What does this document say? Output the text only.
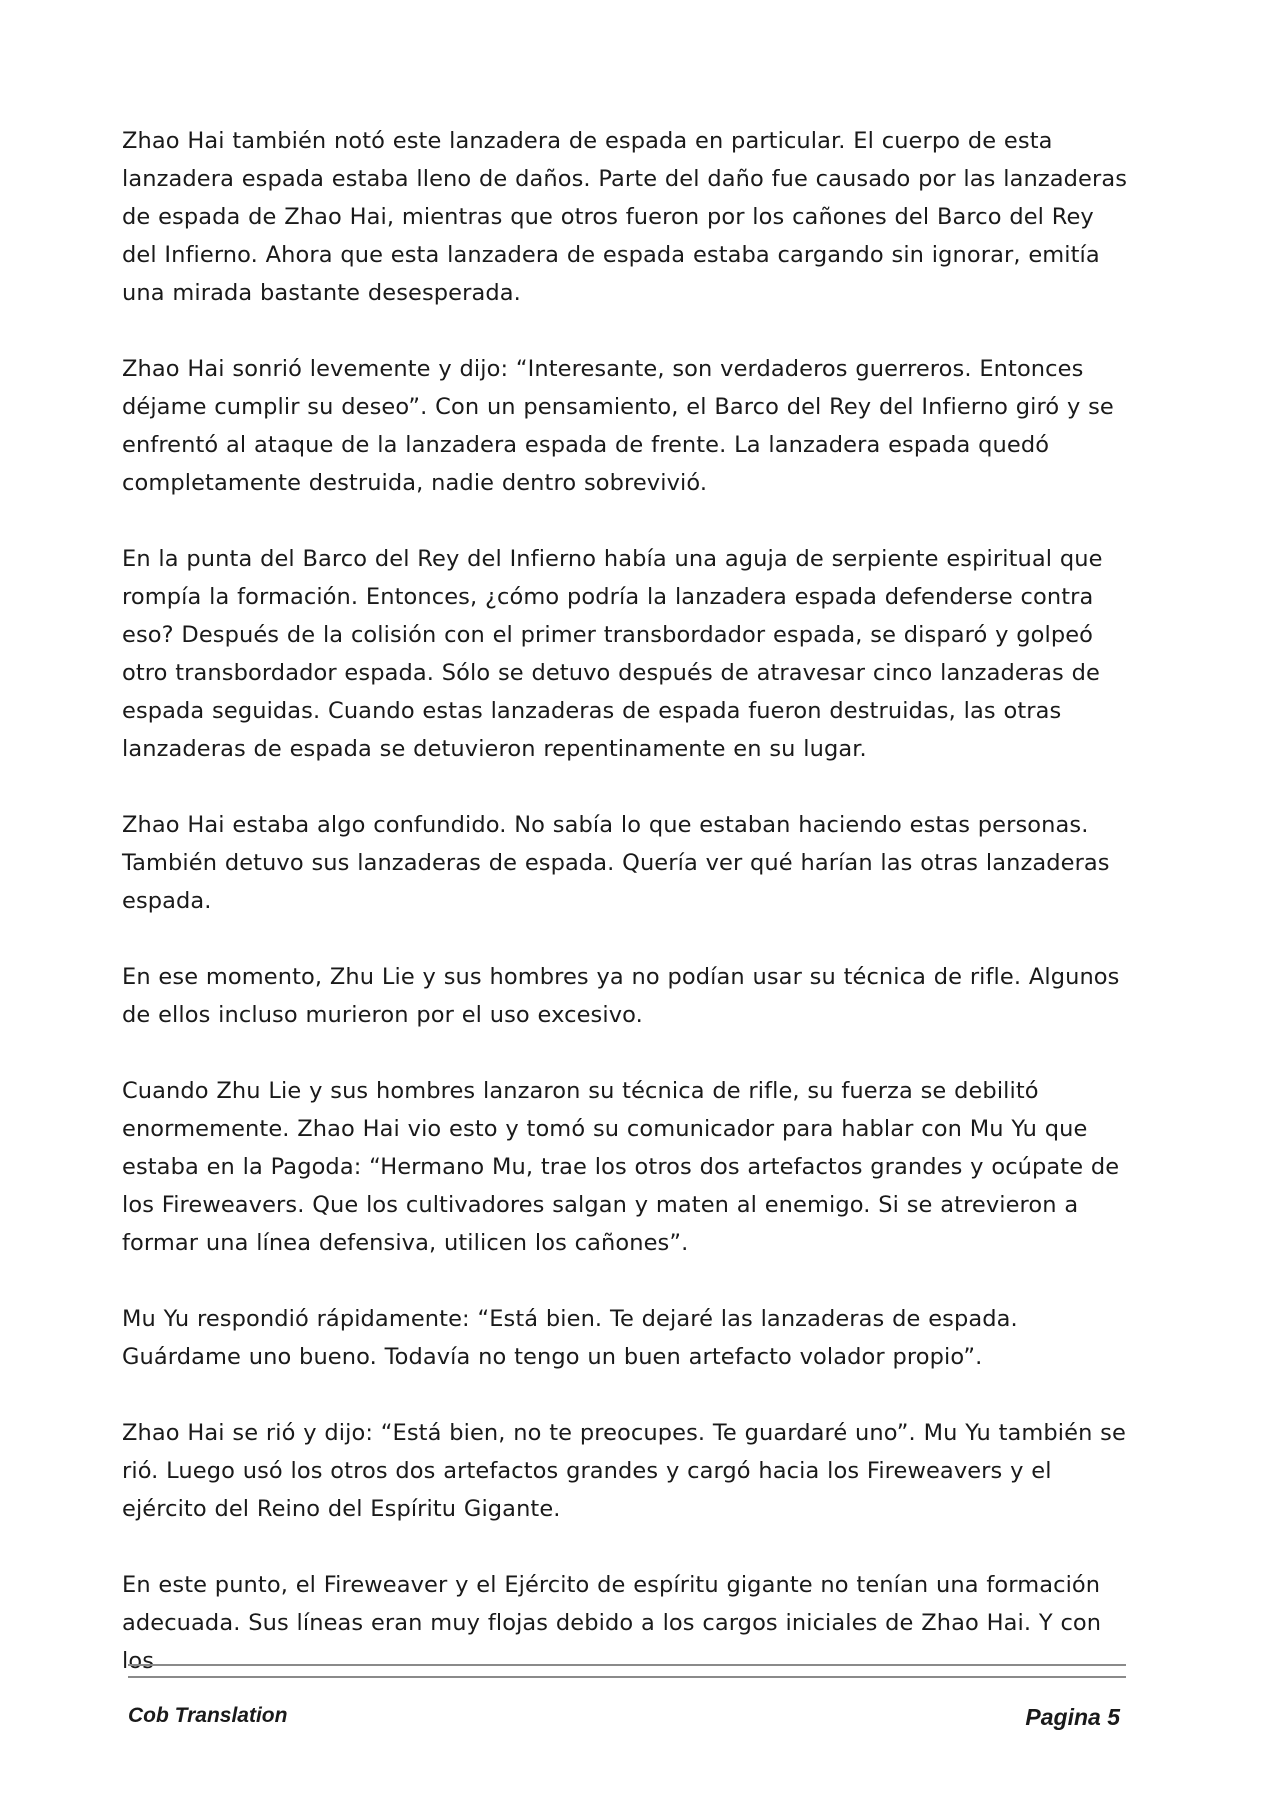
Zhao Hai también notó este lanzadera de espada en particular. El cuerpo de esta lanzadera espada estaba lleno de daños. Parte del daño fue causado por las lanzaderas de espada de Zhao Hai, mientras que otros fueron por los cañones del Barco del Rey del Infierno. Ahora que esta lanzadera de espada estaba cargando sin ignorar, emitía una mirada bastante desesperada.

Zhao Hai sonrió levemente y dijo: “Interesante, son verdaderos guerreros. Entonces déjame cumplir su deseo”. Con un pensamiento, el Barco del Rey del Infierno giró y se enfrentó al ataque de la lanzadera espada de frente. La lanzadera espada quedó completamente destruida, nadie dentro sobrevivió.

En la punta del Barco del Rey del Infierno había una aguja de serpiente espiritual que rompía la formación. Entonces, ¿cómo podría la lanzadera espada defenderse contra eso? Después de la colisión con el primer transbordador espada, se disparó y golpeó otro transbordador espada. Sólo se detuvo después de atravesar cinco lanzaderas de espada seguidas. Cuando estas lanzaderas de espada fueron destruidas, las otras lanzaderas de espada se detuvieron repentinamente en su lugar.

Zhao Hai estaba algo confundido. No sabía lo que estaban haciendo estas personas. También detuvo sus lanzaderas de espada. Quería ver qué harían las otras lanzaderas espada.

En ese momento, Zhu Lie y sus hombres ya no podían usar su técnica de rifle. Algunos de ellos incluso murieron por el uso excesivo.

Cuando Zhu Lie y sus hombres lanzaron su técnica de rifle, su fuerza se debilitó enormemente. Zhao Hai vio esto y tomó su comunicador para hablar con Mu Yu que estaba en la Pagoda: “Hermano Mu, trae los otros dos artefactos grandes y ocúpate de los Fireweavers. Que los cultivadores salgan y maten al enemigo. Si se atrevieron a formar una línea defensiva, utilicen los cañones”.

Mu Yu respondió rápidamente: “Está bien. Te dejaré las lanzaderas de espada. Guárdame uno bueno. Todavía no tengo un buen artefacto volador propio”.

Zhao Hai se rió y dijo: “Está bien, no te preocupes. Te guardaré uno”. Mu Yu también se rió. Luego usó los otros dos artefactos grandes y cargó hacia los Fireweavers y el ejército del Reino del Espíritu Gigante.

En este punto, el Fireweaver y el Ejército de espíritu gigante no tenían una formación adecuada. Sus líneas eran muy flojas debido a los cargos iniciales de Zhao Hai. Y con los

Cob Translation	Pagina 5
